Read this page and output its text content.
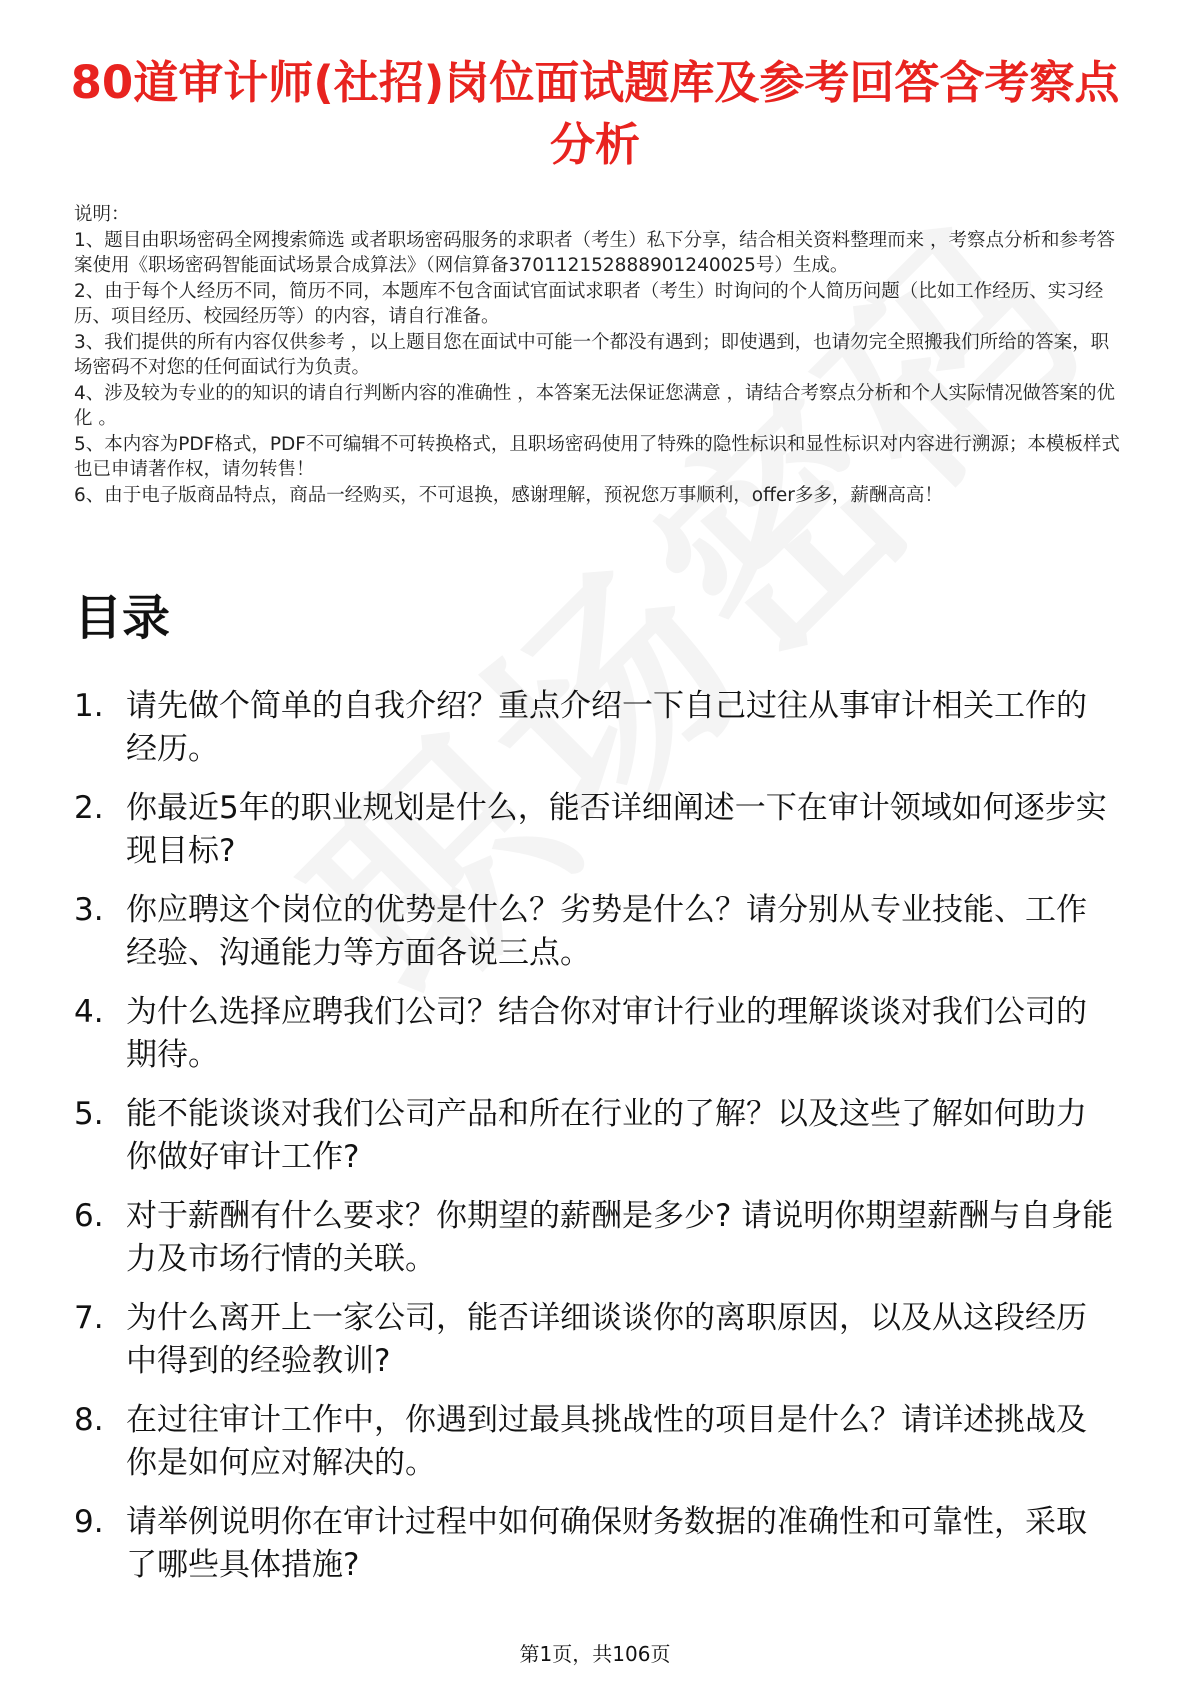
80道审计师(社招)岗位面试题库及参考回答含考察点分析

说明：

1、题目由职场密码全网搜索筛选 或者职场密码服务的求职者（考生）私下分享，结合相关资料整理而来 ，考察点分析和参考答案使用《职场密码智能面试场景合成算法》（网信算备370112152888901240025号）生成。

2、由于每个人经历不同，简历不同，本题库不包含面试官面试求职者（考生）时询问的个人简历问题（比如工作经历、实习经历、项目经历、校园经历等）的内容，请自行准备。

3、我们提供的所有内容仅供参考 ，以上题目您在面试中可能一个都没有遇到；即使遇到，也请勿完全照搬我们所给的答案，职场密码不对您的任何面试行为负责。

4、涉及较为专业的的知识的请自行判断内容的准确性 ，本答案无法保证您满意 ，请结合考察点分析和个人实际情况做答案的优化 。

5、本内容为PDF格式，PDF不可编辑不可转换格式，且职场密码使用了特殊的隐性标识和显性标识对内容进行溯源；本模板样式也已申请著作权，请勿转售！

6、由于电子版商品特点，商品一经购买，不可退换，感谢理解，预祝您万事顺利，offer多多，薪酬高高！

目录
1. 请先做个简单的自我介绍？重点介绍一下自己过往从事审计相关工作的经历。
2. 你最近5年的职业规划是什么，能否详细阐述一下在审计领域如何逐步实现目标?
3. 你应聘这个岗位的优势是什么？劣势是什么？请分别从专业技能、工作经验、沟通能力等方面各说三点。
4. 为什么选择应聘我们公司？结合你对审计行业的理解谈谈对我们公司的期待。
5. 能不能谈谈对我们公司产品和所在行业的了解？以及这些了解如何助力你做好审计工作?
6. 对于薪酬有什么要求？你期望的薪酬是多少? 请说明你期望薪酬与自身能力及市场行情的关联。
7. 为什么离开上一家公司，能否详细谈谈你的离职原因，以及从这段经历中得到的经验教训?
8. 在过往审计工作中，你遇到过最具挑战性的项目是什么？请详述挑战及你是如何应对解决的。
9. 请举例说明你在审计过程中如何确保财务数据的准确性和可靠性，采取了哪些具体措施?
第1页，共106页
